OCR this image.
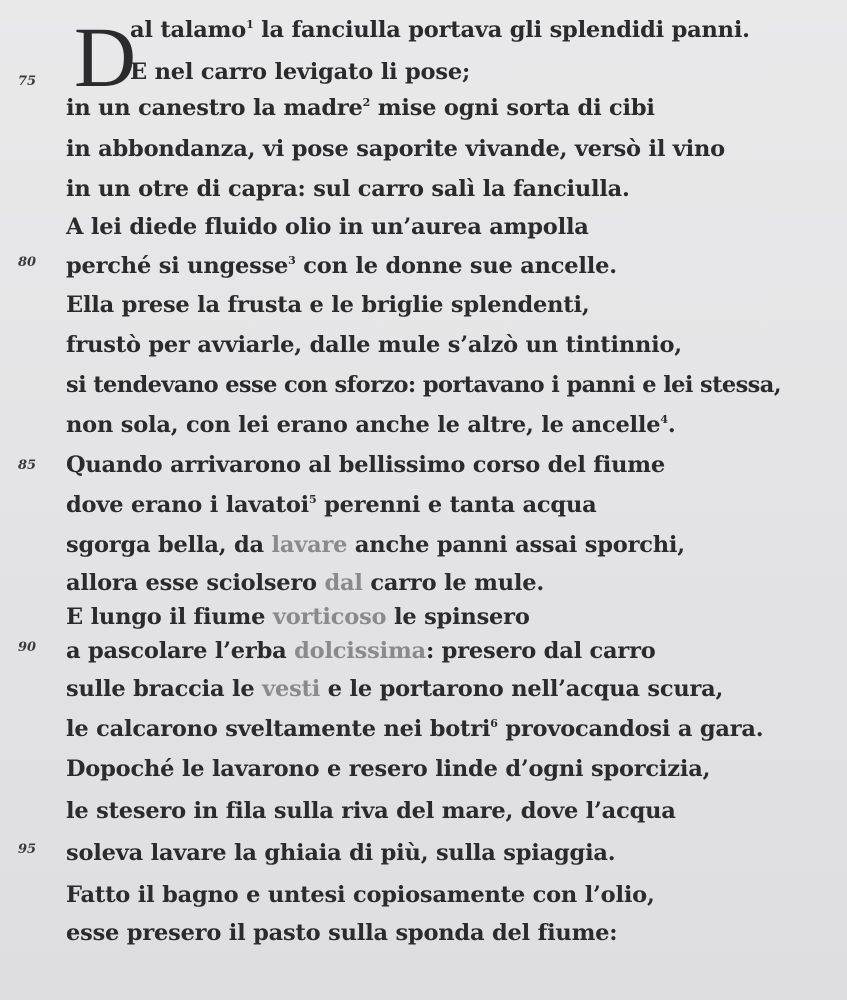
D
75
80
85
90
95
al talamo$^1$ la fanciulla portava gli splendidi panni.
E nel carro levigato li pose;
in un canestro la madre$^2$ mise ogni sorta di cibi
in abbondanza, vi pose saporite vivande, versò il vino
in un otre di capra: sul carro salì la fanciulla.
A lei diede fluido olio in un’aurea ampolla
perché si ungesse$^3$ con le donne sue ancelle.
Ella prese la frusta e le briglie splendenti,
frustò per avviarle, dalle mule s’alzò un tintinnio,
si tendevano esse con sforzo: portavano i panni e lei stessa,
non sola, con lei erano anche le altre, le ancelle$^4$.
Quando arrivarono al bellissimo corso del fiume
dove erano i lavatoi$^5$ perenni e tanta acqua
sgorga bella, da lavare anche panni assai sporchi,
allora esse sciolsero dal carro le mule.
E lungo il fiume vorticoso le spinsero
a pascolare l’erba dolcissima: presero dal carro
sulle braccia le vesti e le portarono nell’acqua scura,
le calcarono sveltamente nei botri$^6$ provocandosi a gara.
Dopoché le lavarono e resero linde d’ogni sporcizia,
le stesero in fila sulla riva del mare, dove l’acqua
soleva lavare la ghiaia di più, sulla spiaggia.
Fatto il bagno e untesi copiosamente con l’olio,
esse presero il pasto sulla sponda del fiume:
